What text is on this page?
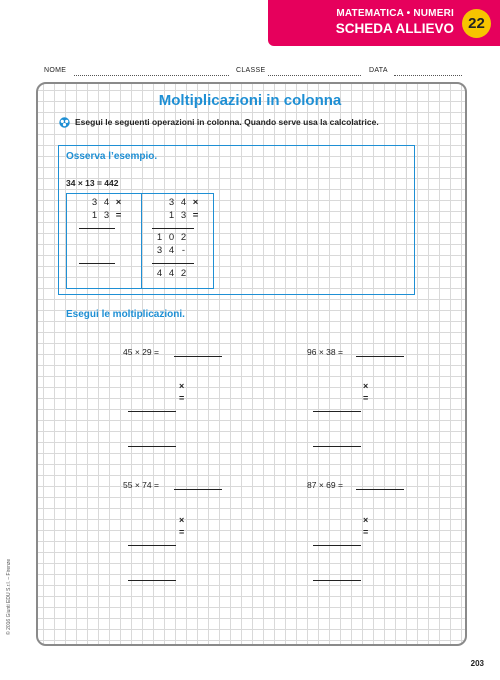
MATEMATICA • NUMERI
SCHEDA ALLIEVO 22
NOME	CLASSE	DATA
Moltiplicazioni in colonna
Esegui le seguenti operazioni in colonna. Quando serve usa la calcolatrice.
Osserva l’esempio.
34 × 13 = 442
3 4 ×
1 3 =
3 4 ×
1 3 =
1 0 2
3 4 -
4 4 2
Esegui le moltiplicazioni.
45 × 29 =
×
=
96 × 38 =
×
=
55 × 74 =
×
=
87 × 69 =
×
=
© 2016 Giunti EDU S.r.l. – Firenze
203
